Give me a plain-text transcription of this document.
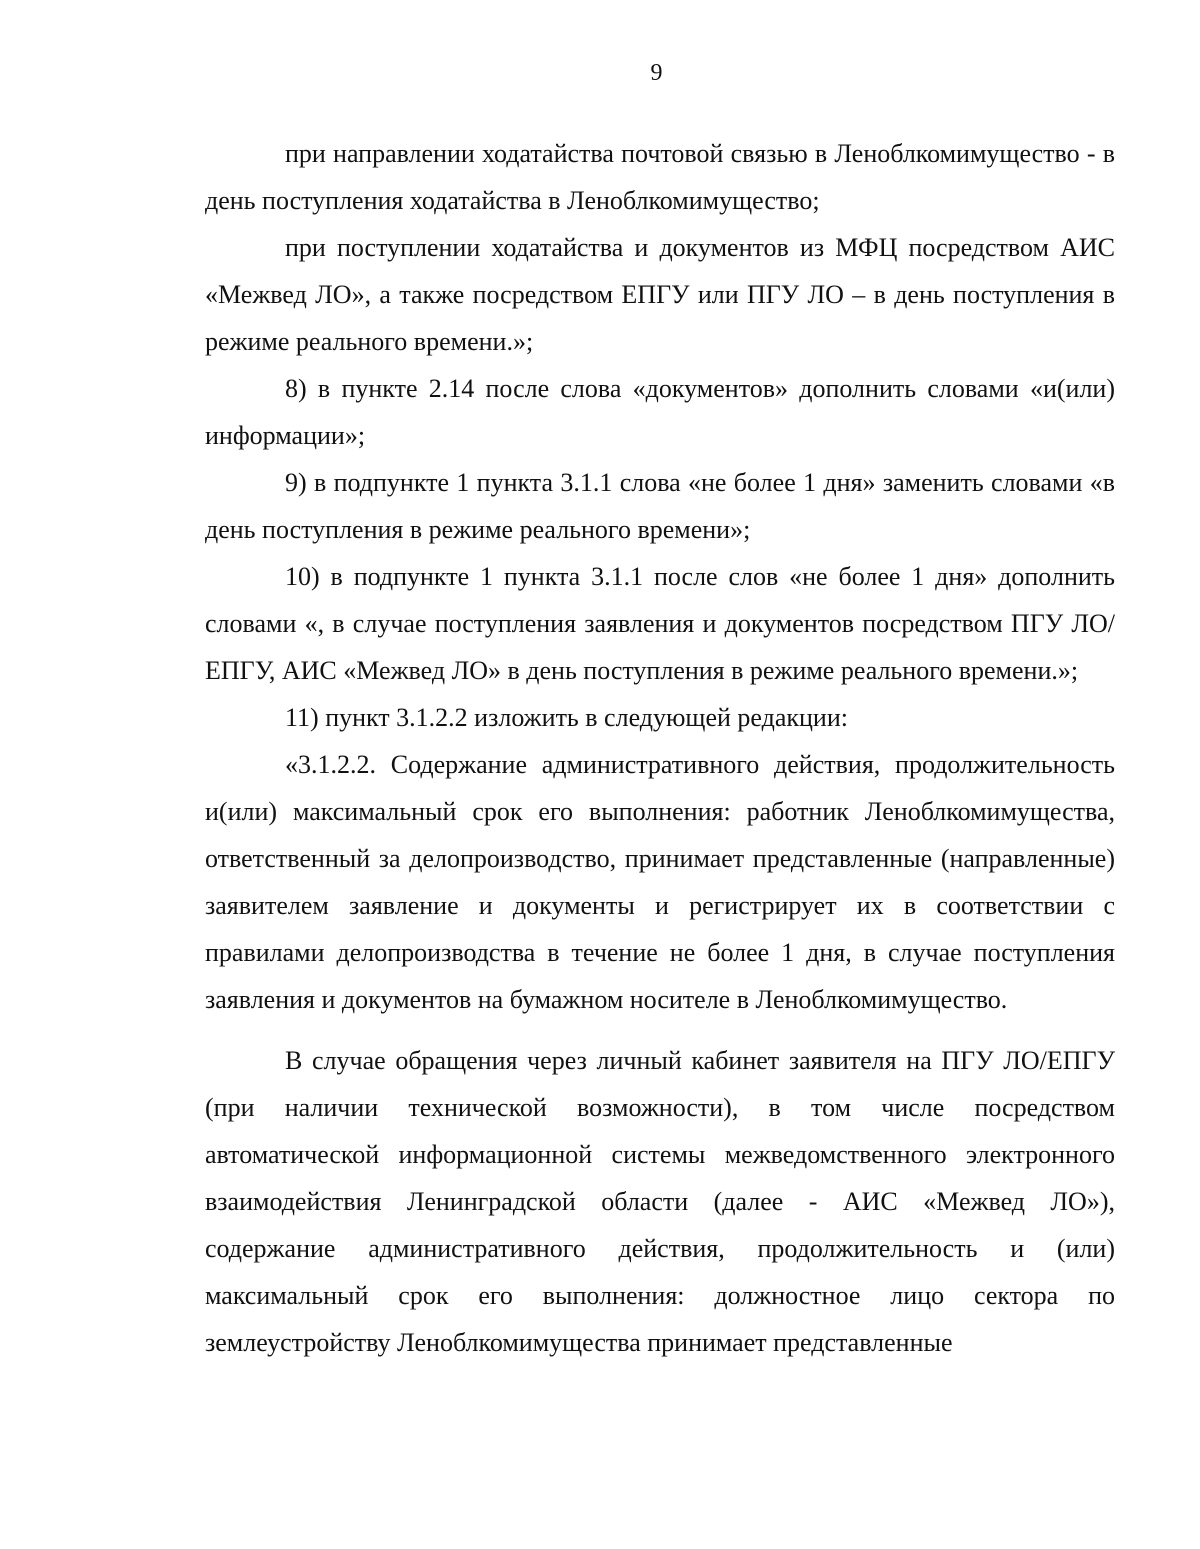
9

при направлении ходатайства почтовой связью в Леноблкомимущество - в день поступления ходатайства в Леноблкомимущество;

при поступлении ходатайства и документов из МФЦ посредством АИС «Межвед ЛО», а также посредством ЕПГУ или ПГУ ЛО – в день поступления в режиме реального времени.»;

8) в пункте 2.14 после слова «документов» дополнить словами «и(или) информации»;

9) в подпункте 1 пункта 3.1.1 слова «не более 1 дня» заменить словами «в день поступления в режиме реального времени»;

10) в подпункте 1 пункта 3.1.1 после слов «не более 1 дня» дополнить словами «, в случае поступления заявления и документов посредством ПГУ ЛО/ ЕПГУ, АИС «Межвед ЛО» в день поступления в режиме реального времени.»;

11) пункт 3.1.2.2 изложить в следующей редакции:

«3.1.2.2. Содержание административного действия, продолжительность и(или) максимальный срок его выполнения: работник Леноблкомимущества, ответственный за делопроизводство, принимает представленные (направленные) заявителем заявление и документы и регистрирует их в соответствии с правилами делопроизводства в течение не более 1 дня, в случае поступления заявления и документов на бумажном носителе в Леноблкомимущество.

В случае обращения через личный кабинет заявителя на ПГУ ЛО/ЕПГУ (при наличии технической возможности), в том числе посредством автоматической информационной системы межведомственного электронного взаимодействия Ленинградской области (далее - АИС «Межвед ЛО»), содержание административного действия, продолжительность и (или) максимальный срок его выполнения: должностное лицо сектора по землеустройству Леноблкомимущества принимает представленные
